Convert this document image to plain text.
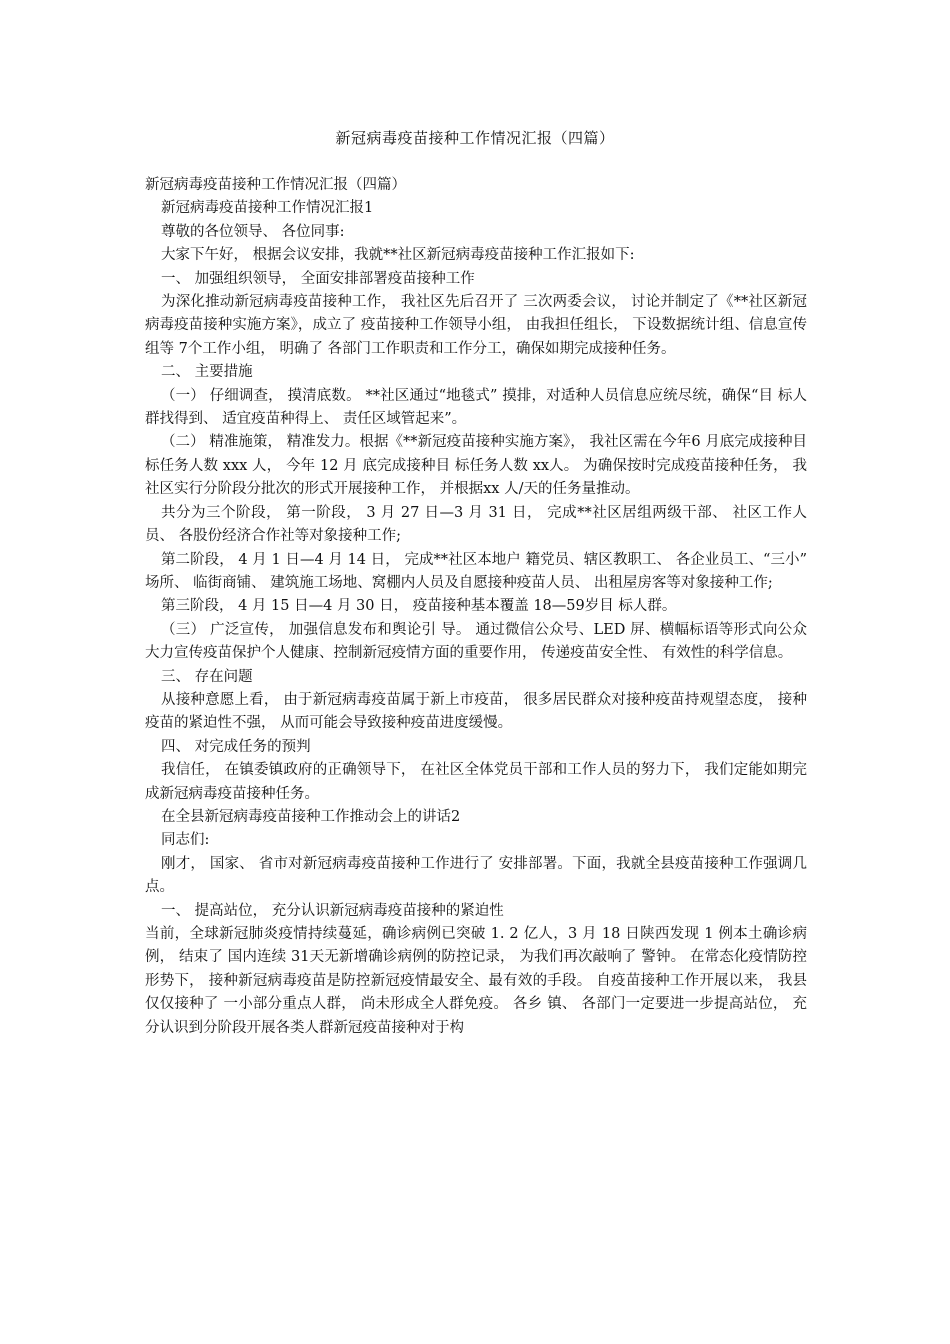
新冠病毒疫苗接种工作情况汇报（四篇）

新冠病毒疫苗接种工作情况汇报（四篇）

新冠病毒疫苗接种工作情况汇报1

尊敬的各位领导、 各位同事:

大家下午好， 根据会议安排，我就**社区新冠病毒疫苗接种工作汇报如下:

一、 加强组织领导， 全面安排部署疫苗接种工作

为深化推动新冠病毒疫苗接种工作， 我社区先后召开了 三次两委会议， 讨论并制定了《**社区新冠病毒疫苗接种实施方案》，成立了 疫苗接种工作领导小组， 由我担任组长， 下设数据统计组、信息宣传组等 7个工作小组， 明确了 各部门工作职责和工作分工，确保如期完成接种任务。

二、 主要措施

（一） 仔细调查， 摸清底数。 **社区通过“地毯式” 摸排，对适种人员信息应统尽统，确保“目 标人群找得到、 适宜疫苗种得上、 责任区域管起来”。

（二） 精准施策， 精准发力。根据《**新冠疫苗接种实施方案》， 我社区需在今年6 月底完成接种目 标任务人数 xxx 人， 今年 12 月 底完成接种目 标任务人数 xx人。 为确保按时完成疫苗接种任务， 我社区实行分阶段分批次的形式开展接种工作， 并根据xx 人/天的任务量推动。

共分为三个阶段， 第一阶段， 3 月 27 日—3 月 31 日， 完成**社区居组两级干部、 社区工作人员、 各股份经济合作社等对象接种工作;

第二阶段， 4 月 1 日—4 月 14 日， 完成**社区本地户 籍党员、辖区教职工、 各企业员工、“三小” 场所、 临街商铺、 建筑施工场地、窝棚内人员及自愿接种疫苗人员、 出租屋房客等对象接种工作;

第三阶段， 4 月 15 日—4 月 30 日， 疫苗接种基本覆盖 18—59岁目 标人群。

（三） 广泛宣传， 加强信息发布和舆论引 导。 通过微信公众号、LED 屏、横幅标语等形式向公众大力宣传疫苗保护个人健康、控制新冠疫情方面的重要作用， 传递疫苗安全性、 有效性的科学信息。

三、 存在问题

从接种意愿上看， 由于新冠病毒疫苗属于新上市疫苗， 很多居民群众对接种疫苗持观望态度， 接种疫苗的紧迫性不强， 从而可能会导致接种疫苗进度缓慢。

四、 对完成任务的预判

我信任， 在镇委镇政府的正确领导下， 在社区全体党员干部和工作人员的努力下， 我们定能如期完成新冠病毒疫苗接种任务。

在全县新冠病毒疫苗接种工作推动会上的讲话2

同志们:

刚才， 国家、 省市对新冠病毒疫苗接种工作进行了 安排部署。下面，我就全县疫苗接种工作强调几点。

一、 提高站位， 充分认识新冠病毒疫苗接种的紧迫性

当前，全球新冠肺炎疫情持续蔓延，确诊病例已突破 1. 2 亿人，3 月 18 日陕西发现 1 例本土确诊病例， 结束了 国内连续 31天无新增确诊病例的防控记录， 为我们再次敲响了 警钟。 在常态化疫情防控形势下， 接种新冠病毒疫苗是防控新冠疫情最安全、最有效的手段。 自疫苗接种工作开展以来， 我县仅仅接种了 一小部分重点人群， 尚未形成全人群免疫。 各乡 镇、 各部门一定要进一步提高站位， 充分认识到分阶段开展各类人群新冠疫苗接种对于构
